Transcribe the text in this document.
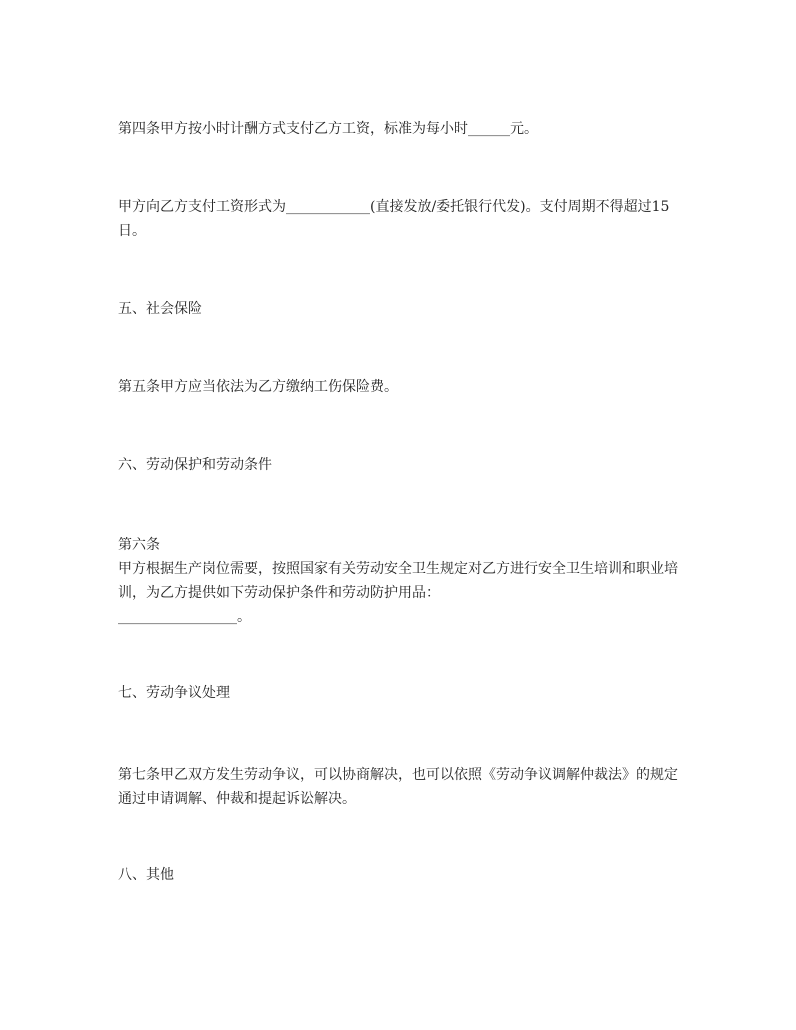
第四条甲方按小时计酬方式支付乙方工资，标准为每小时______元。

甲方向乙方支付工资形式为____________(直接发放/委托银行代发)。支付周期不得超过15日。

五、社会保险

第五条甲方应当依法为乙方缴纳工伤保险费。

六、劳动保护和劳动条件

第六条

甲方根据生产岗位需要，按照国家有关劳动安全卫生规定对乙方进行安全卫生培训和职业培训，为乙方提供如下劳动保护条件和劳动防护用品：

_________________。

七、劳动争议处理

第七条甲乙双方发生劳动争议，可以协商解决，也可以依照《劳动争议调解仲裁法》的规定通过申请调解、仲裁和提起诉讼解决。

八、其他
